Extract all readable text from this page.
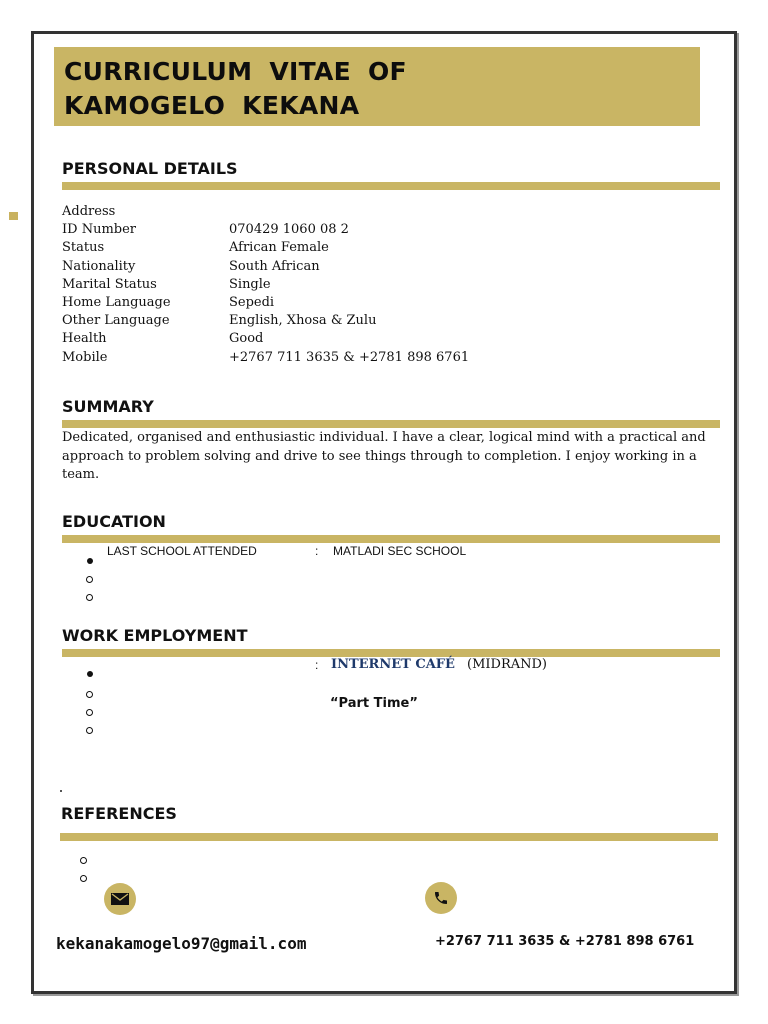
CURRICULUM VITAE OF
KAMOGELO KEKANA
PERSONAL DETAILS
Address
ID Number	070429 1060 08 2
Status	African Female
Nationality	South African
Marital Status	Single
Home Language	Sepedi
Other Language	English, Xhosa & Zulu
Health	Good
Mobile	+2767 711 3635 & +2781 898 6761
SUMMARY

Dedicated, organised and enthusiastic individual. I have a clear, logical mind with a practical and approach to problem solving and drive to see things through to completion. I enjoy working in a team.

EDUCATION
LAST SCHOOL ATTENDED	: MATLADI SEC SCHOOL
WORK EMPLOYMENT
: INTERNET CAFÉ (MIDRAND)
“Part Time”
REFERENCES
kekanakamogelo97@gmail.com	+2767 711 3635 & +2781 898 6761
